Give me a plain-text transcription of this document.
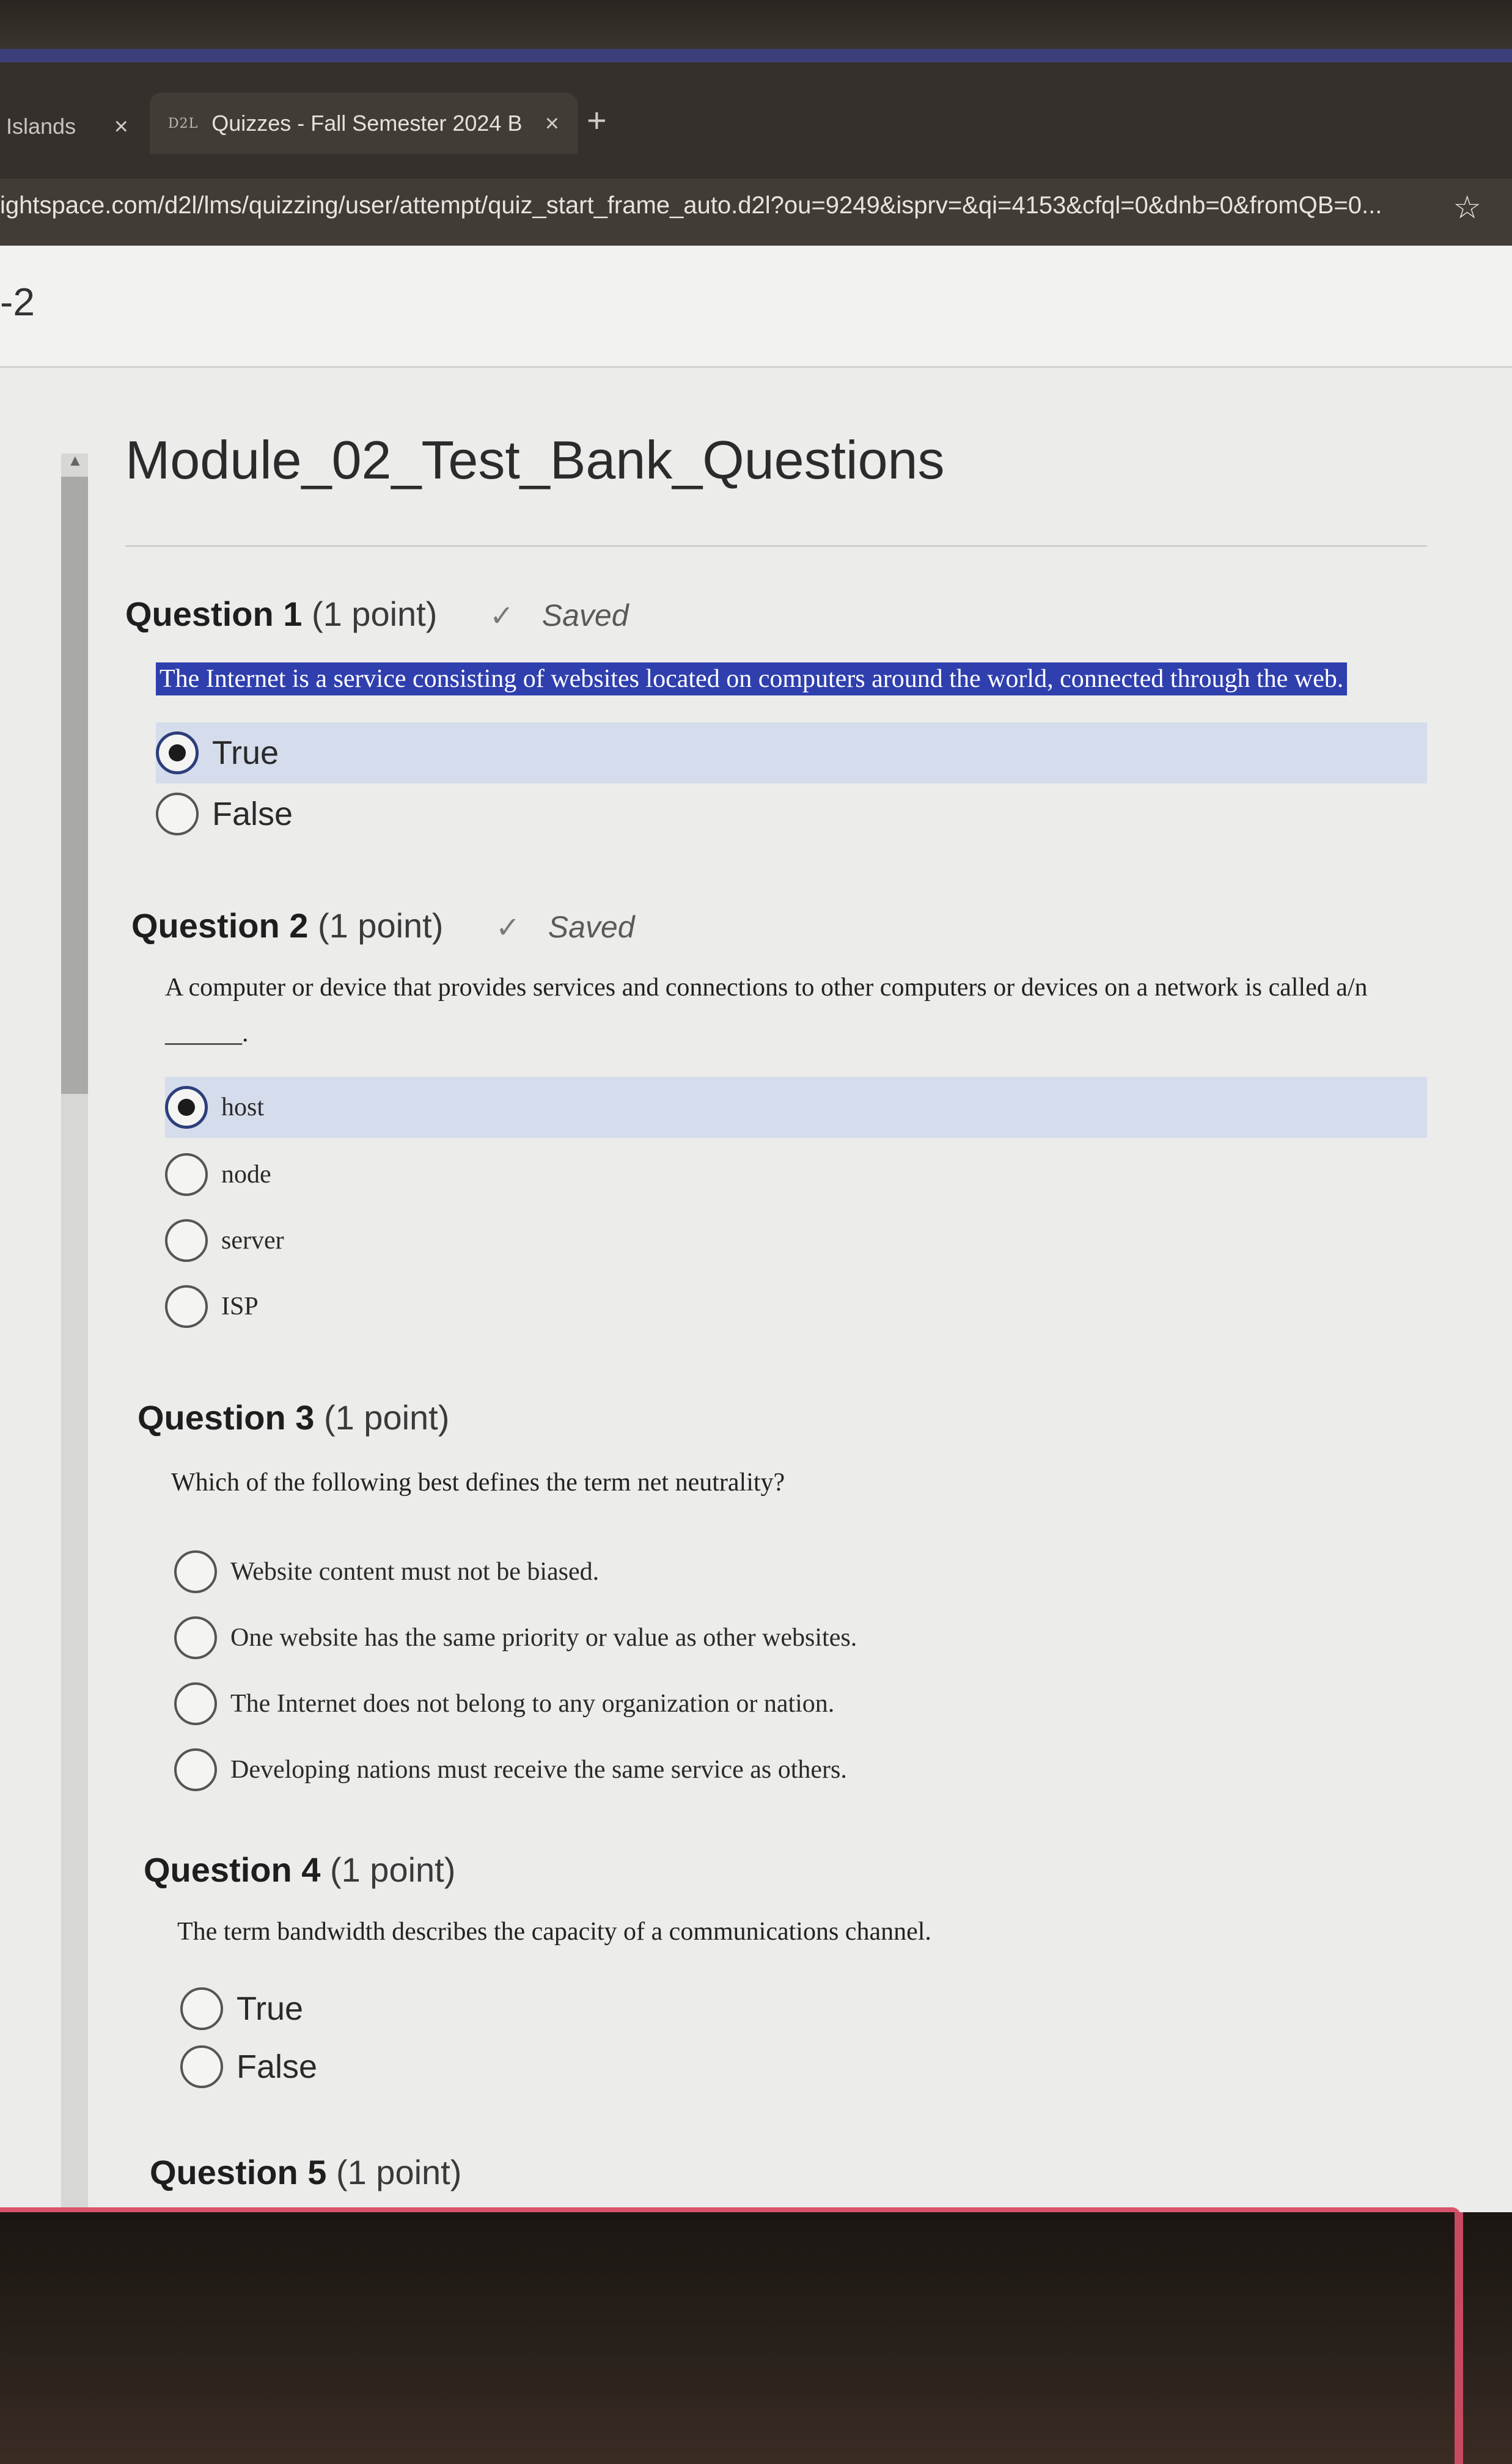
Islands ×	D2L Quizzes - Fall Semester 2024 B × +
ightspace.com/d2l/lms/quizzing/user/attempt/quiz_start_frame_auto.d2l?ou=9249&isprv=&qi=4153&cfql=0&dnb=0&fromQB=0... ☆
-2
▲ Module_02_Test_Bank_Questions
Question 1 (1 point) ✓ Saved
The Internet is a service consisting of websites located on computers around the world, connected through the web.
True
False
Question 2 (1 point) ✓ Saved
A computer or device that provides services and connections to other computers or devices on a network is called a/n
______.
host
node
server
ISP
Question 3 (1 point)
Which of the following best defines the term net neutrality?
Website content must not be biased.
One website has the same priority or value as other websites.
The Internet does not belong to any organization or nation.
Developing nations must receive the same service as others.
Question 4 (1 point)
The term bandwidth describes the capacity of a communications channel.
True
False
Question 5 (1 point)
